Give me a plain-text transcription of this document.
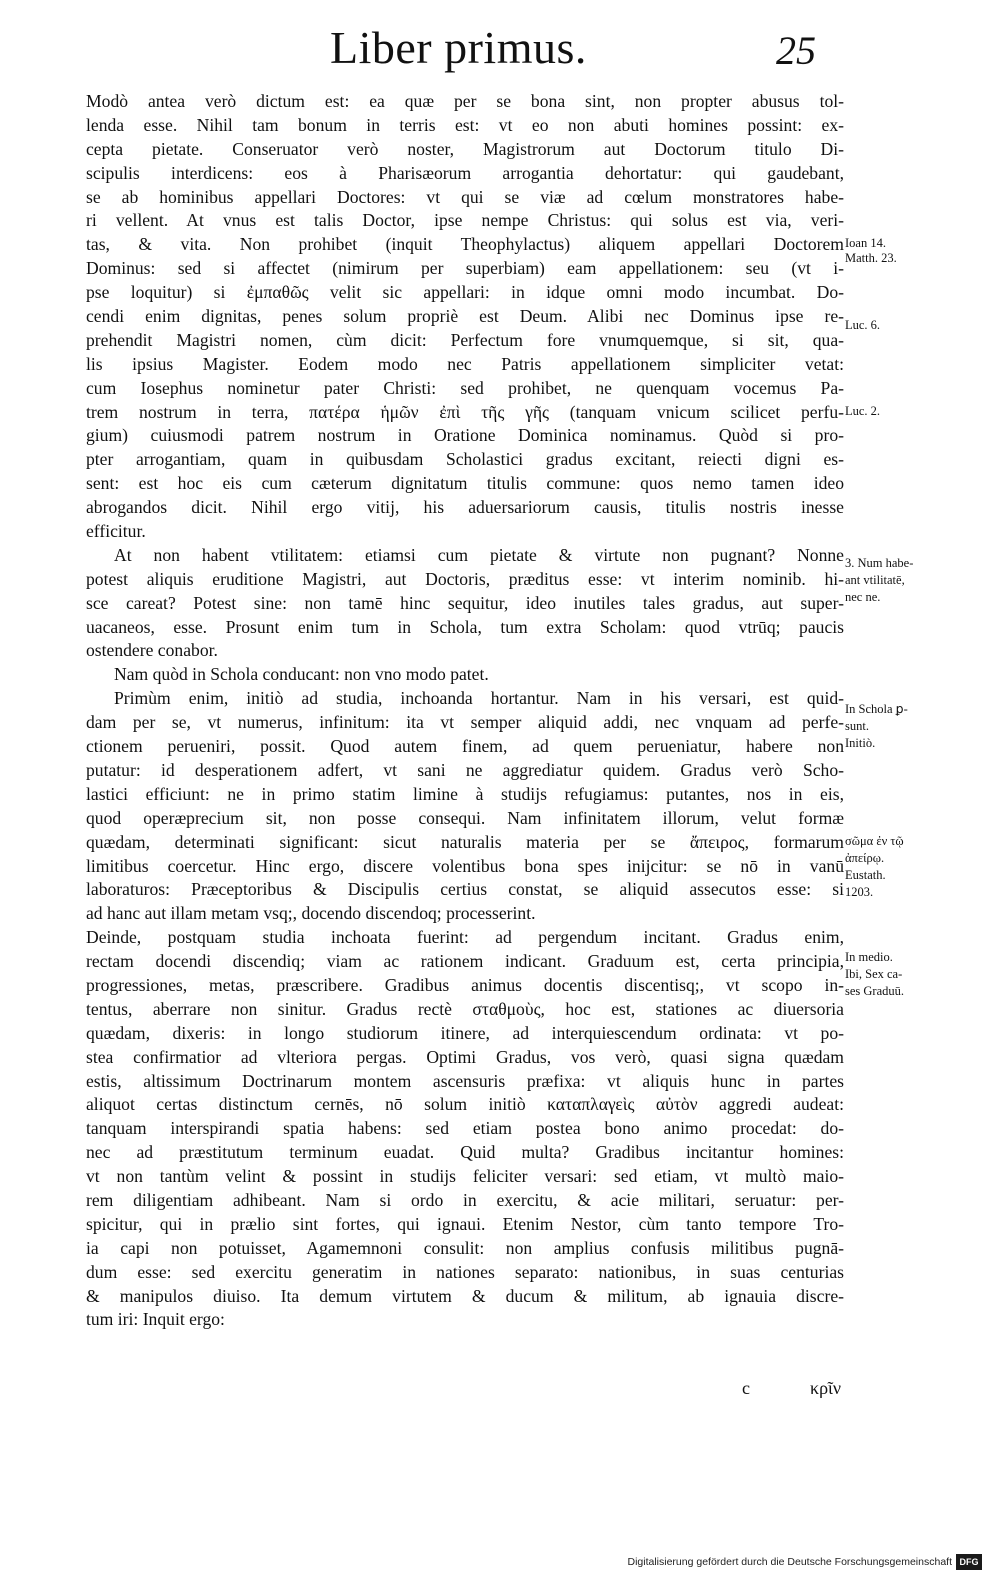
Liber primus.	25
Modò antea verò dictum est: ea quæ per se bona sint, non propter abusus tol-
lenda esse. Nihil tam bonum in terris est: vt eo non abuti homines possint: ex-
cepta pietate. Conseruator verò noster, Magistrorum aut Doctorum titulo Di-
scipulis interdicens: eos à Pharisæorum arrogantia dehortatur: qui gaudebant,
se ab hominibus appellari Doctores: vt qui se viæ ad cœlum monstratores habe-
ri vellent. At vnus est talis Doctor, ipse nempe Christus: qui solus est via, veri-
tas, & vita. Non prohibet (inquit Theophylactus) aliquem appellari Doctorem
Dominus: sed si affectet (nimirum per superbiam) eam appellationem: seu (vt i-
pse loquitur) si ἐμπαθῶς velit sic appellari: in idque omni modo incumbat. Do-
cendi enim dignitas, penes solum propriè est Deum. Alibi nec Dominus ipse re-
prehendit Magistri nomen, cùm dicit: Perfectum fore vnumquemque, si sit, qua-
lis ipsius Magister. Eodem modo nec Patris appellationem simpliciter vetat:
cum Iosephus nominetur pater Christi: sed prohibet, ne quenquam vocemus Pa-
trem nostrum in terra, πατέρα ἡμῶν ἐπὶ τῆς γῆς (tanquam vnicum scilicet perfu-
gium) cuiusmodi patrem nostrum in Oratione Dominica nominamus. Quòd si pro-
pter arrogantiam, quam in quibusdam Scholastici gradus excitant, reiecti digni es-
sent: est hoc eis cum cæterum dignitatum titulis commune: quos nemo tamen ideo
abrogandos dicit. Nihil ergo vitij, his aduersariorum causis, titulis nostris inesse
efficitur.
At non habent vtilitatem: etiamsi cum pietate & virtute non pugnant? Nonne
potest aliquis eruditione Magistri, aut Doctoris, præditus esse: vt interim nominib. hi-
sce careat? Potest sine: non tamē hinc sequitur, ideo inutiles tales gradus, aut super-
uacaneos, esse. Prosunt enim tum in Schola, tum extra Scholam: quod vtrūq; paucis
ostendere conabor.
Nam quòd in Schola conducant: non vno modo patet.
Primùm enim, initiò ad studia, inchoanda hortantur. Nam in his versari, est quid-
dam per se, vt numerus, infinitum: ita vt semper aliquid addi, nec vnquam ad perfe-
ctionem perueniri, possit. Quod autem finem, ad quem perueniatur, habere non
putatur: id desperationem adfert, vt sani ne aggrediatur quidem. Gradus verò Scho-
lastici efficiunt: ne in primo statim limine à studijs refugiamus: putantes, nos in eis,
quod operæprecium sit, non posse consequi. Nam infinitatem illorum, velut formæ
quædam, determinati significant: sicut naturalis materia per se ἄπειρος, formarum
limitibus coercetur. Hinc ergo, discere volentibus bona spes inijcitur: se nō in vanū
laboraturos: Præceptoribus & Discipulis certius constat, se aliquid assecutos esse: si
ad hanc aut illam metam vsq;, docendo discendoq; processerint.
Deinde, postquam studia inchoata fuerint: ad pergendum incitant. Gradus enim,
rectam docendi discendiq; viam ac rationem indicant. Graduum est, certa principia,
progressiones, metas, præscribere. Gradibus animus docentis discentisq;, vt scopo in-
tentus, aberrare non sinitur. Gradus rectè σταθμοὺς, hoc est, stationes ac diuersoria
quædam, dixeris: in longo studiorum itinere, ad interquiescendum ordinata: vt po-
stea confirmatior ad vlteriora pergas. Optimi Gradus, vos verò, quasi signa quædam
estis, altissimum Doctrinarum montem ascensuris præfixa: vt aliquis hunc in partes
aliquot certas distinctum cernēs, nō solum initiò καταπλαγεὶς αὐτὸν aggredi audeat:
tanquam interspirandi spatia habens: sed etiam postea bono animo procedat: do-
nec ad præstitutum terminum euadat. Quid multa? Gradibus incitantur homines:
vt non tantùm velint & possint in studijs feliciter versari: sed etiam, vt multò maio-
rem diligentiam adhibeant. Nam si ordo in exercitu, & acie militari, seruatur: per-
spicitur, qui in prælio sint fortes, qui ignaui. Etenim Nestor, cùm tanto tempore Tro-
ia capi non potuisset, Agamemnoni consulit: non amplius confusis militibus pugnā-
dum esse: sed exercitu generatim in nationes separato: nationibus, in suas centurias
& manipulos diuiso. Ita demum virtutem & ducum & militum, ab ignauia discre-
tum iri: Inquit ergo:
Ioan 14.
Matth. 23.
Luc. 6.
Luc. 2.
3. Num habe-
ant vtilitatē,
nec ne.
In Schola ꝑ-
sunt.
Initiò.
σῶμα ἐν τῷ
ἀπείρῳ.
Eustath.
1203.
In medio.
Ibi, Sex ca-
ses Graduū.
c	κρῖν
Digitalisierung gefördert durch die Deutsche Forschungsgemeinschaft DFG
